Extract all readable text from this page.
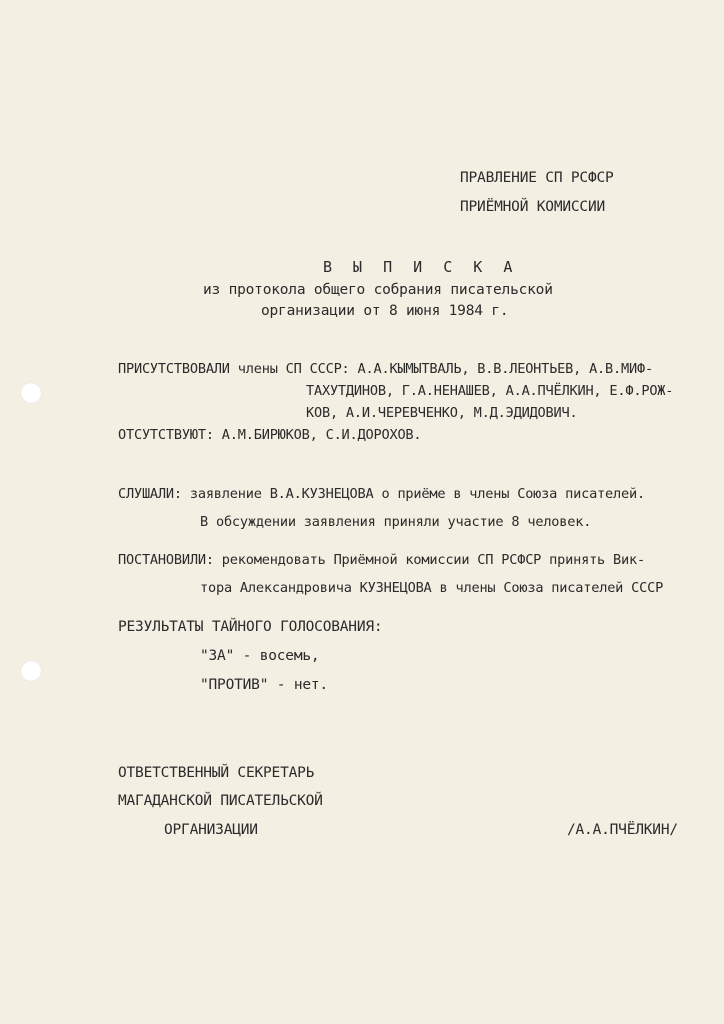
ПРАВЛЕНИЕ СП РСФСР
ПРИЁМНОЙ КОМИССИИ
В Ы П И С К А
из протокола общего собрания писательской
организации от 8 июня 1984 г.
ПРИСУТСТВОВАЛИ члены СП СССР: А.А.КЫМЫТВАЛЬ, В.В.ЛЕОНТЬЕВ, А.В.МИФ-
ТАХУТДИНОВ, Г.А.НЕНАШЕВ, А.А.ПЧЁЛКИН, Е.Ф.РОЖ-
КОВ, А.И.ЧЕРЕВЧЕНКО, М.Д.ЭДИДОВИЧ.
ОТСУТСТВУЮТ: А.М.БИРЮКОВ, С.И.ДОРОХОВ.
СЛУШАЛИ: заявление В.А.КУЗНЕЦОВА о приёме в члены Союза писателей.
В обсуждении заявления приняли участие 8 человек.
ПОСТАНОВИЛИ: рекомендовать Приёмной комиссии СП РСФСР принять Вик-
тора Александровича КУЗНЕЦОВА в члены Союза писателей СССР
РЕЗУЛЬТАТЫ ТАЙНОГО ГОЛОСОВАНИЯ:
"ЗА" - восемь,
"ПРОТИВ" - нет.
ОТВЕТСТВЕННЫЙ СЕКРЕТАРЬ
МАГАДАНСКОЙ ПИСАТЕЛЬСКОЙ
ОРГАНИЗАЦИИ	/А.А.ПЧЁЛКИН/
